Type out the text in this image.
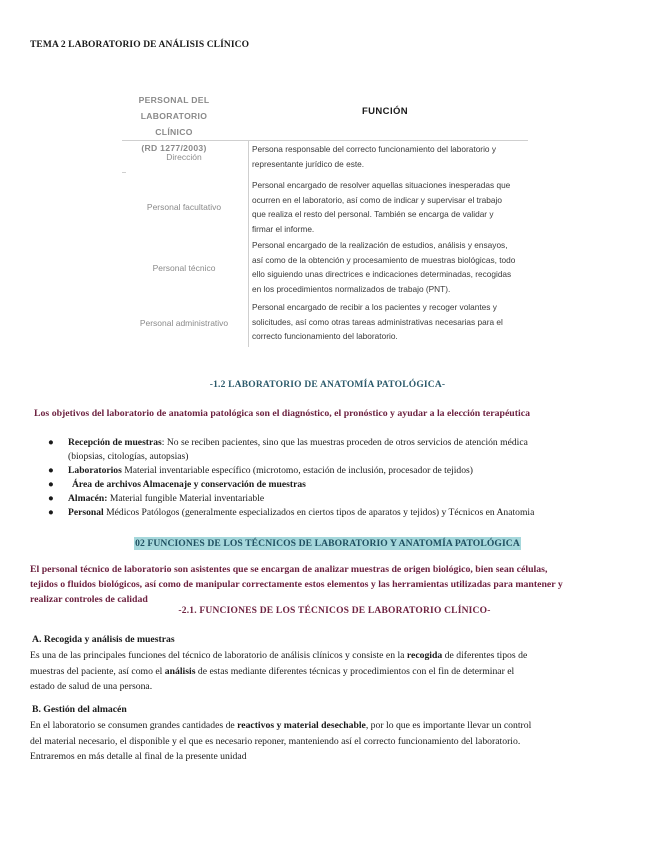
TEMA 2 LABORATORIO DE ANÁLISIS CLÍNICO
PERSONAL DEL
LABORATORIO CLÍNICO
(RD 1277/2003)
FUNCIÓN
Dirección
Persona responsable del correcto funcionamiento del laboratorio y
representante jurídico de este.
Personal facultativo
Personal encargado de resolver aquellas situaciones inesperadas que
ocurren en el laboratorio, así como de indicar y supervisar el trabajo
que realiza el resto del personal. También se encarga de validar y
firmar el informe.
Personal técnico
Personal encargado de la realización de estudios, análisis y ensayos,
así como de la obtención y procesamiento de muestras biológicas, todo
ello siguiendo unas directrices e indicaciones determinadas, recogidas
en los procedimientos normalizados de trabajo (PNT).
Personal administrativo
Personal encargado de recibir a los pacientes y recoger volantes y
solicitudes, así como otras tareas administrativas necesarias para el
correcto funcionamiento del laboratorio.
-1.2 LABORATORIO DE ANATOMÍA PATOLÓGICA-
Los objetivos del laboratorio de anatomia patológica son el diagnóstico, el pronóstico y ayudar a la elección terapéutica
● Recepción de muestras: No se reciben pacientes, sino que las muestras proceden de otros servicios de atención médica
(biopsias, citologías, autopsias)
● Laboratorios Material inventariable específico (microtomo, estación de inclusión, procesador de tejidos)
● Área de archivos Almacenaje y conservación de muestras
● Almacén: Material fungible Material inventariable
● Personal Médicos Patólogos (generalmente especializados en ciertos tipos de aparatos y tejidos) y Técnicos en Anatomia
02 FUNCIONES DE LOS TÉCNICOS DE LABORATORIO Y ANATOMÍA PATOLÓGICA
El personal técnico de laboratorio son asistentes que se encargan de analizar muestras de origen biológico, bien sean células,
tejidos o fluidos biológicos, así como de manipular correctamente estos elementos y las herramientas utilizadas para mantener y
realizar controles de calidad
-2.1. FUNCIONES DE LOS TÉCNICOS DE LABORATORIO CLÍNICO-
A. Recogida y análisis de muestras
Es una de las principales funciones del técnico de laboratorio de análisis clínicos y consiste en la recogida de diferentes tipos de
muestras del paciente, así como el análisis de estas mediante diferentes técnicas y procedimientos con el fin de determinar el
estado de salud de una persona.
B. Gestión del almacén
En el laboratorio se consumen grandes cantidades de reactivos y material desechable, por lo que es importante llevar un control
del material necesario, el disponible y el que es necesario reponer, manteniendo así el correcto funcionamiento del laboratorio.
Entraremos en más detalle al final de la presente unidad
